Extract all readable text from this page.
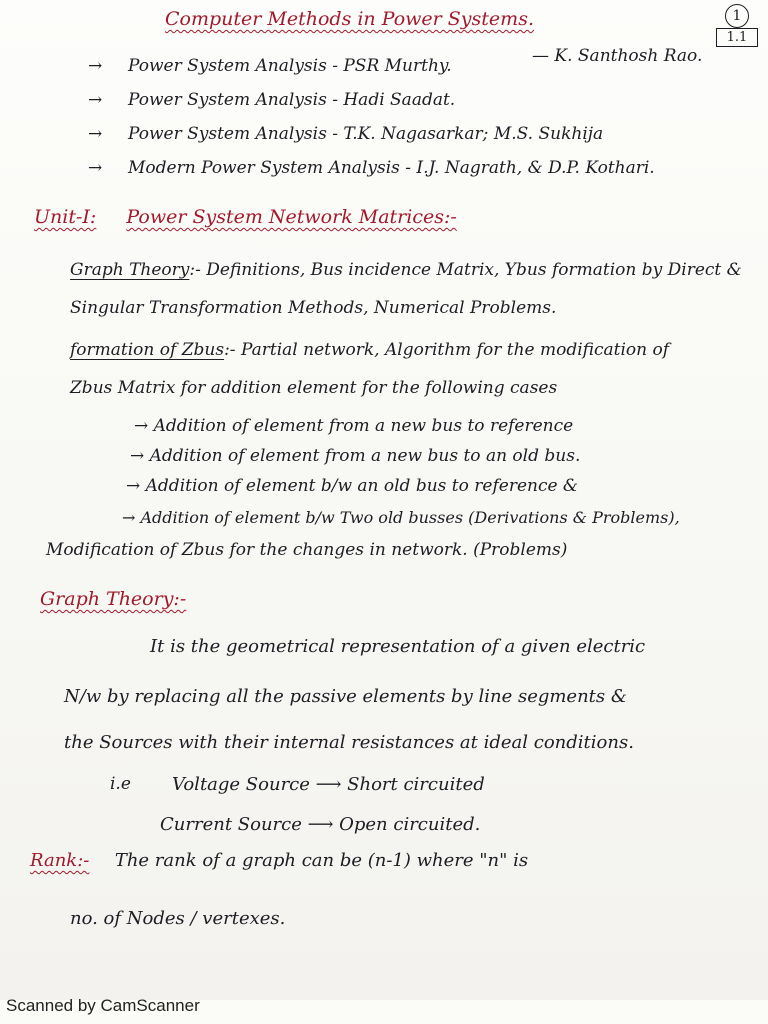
1
1.1
Computer Methods in Power Systems.
— K. Santhosh Rao.
→ Power System Analysis - PSR Murthy.
→ Power System Analysis - Hadi Saadat.
→ Power System Analysis - T.K. Nagasarkar; M.S. Sukhija
→ Modern Power System Analysis - I.J. Nagrath, & D.P. Kothari.
Unit-I: Power System Network Matrices:-
Graph Theory:- Definitions, Bus incidence Matrix, Ybus formation by Direct &
Singular Transformation Methods, Numerical Problems.
formation of Zbus:- Partial network, Algorithm for the modification of
Zbus Matrix for addition element for the following cases
→ Addition of element from a new bus to reference
→ Addition of element from a new bus to an old bus.
→ Addition of element b/w an old bus to reference &
→ Addition of element b/w Two old busses (Derivations & Problems),
Modification of Zbus for the changes in network. (Problems)
Graph Theory:-
It is the geometrical representation of a given electric
N/w by replacing all the passive elements by line segments &
the Sources with their internal resistances at ideal conditions.
i.e Voltage Source ⟶ Short circuited
Current Source ⟶ Open circuited.
Rank:- The rank of a graph can be (n-1) where "n" is
no. of Nodes / vertexes.
Scanned by CamScanner
